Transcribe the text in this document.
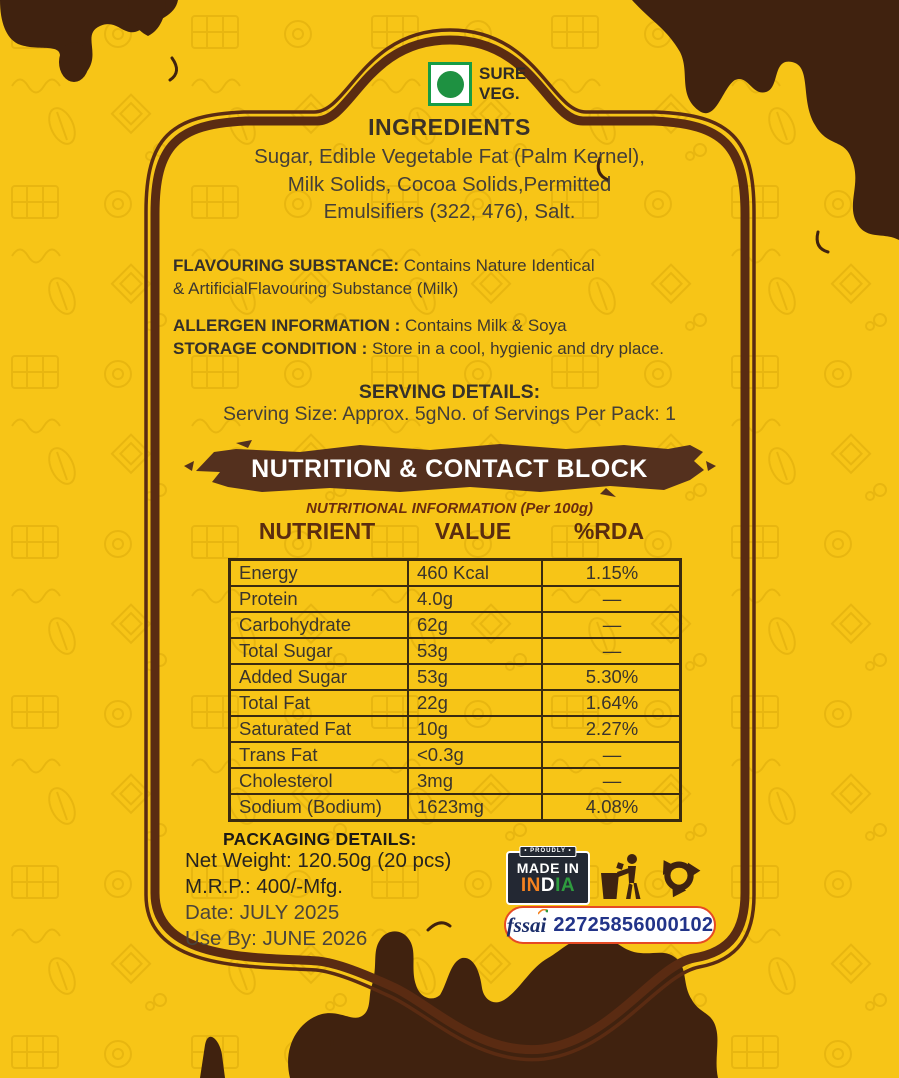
SURE
VEG.
INGREDIENTS
Sugar, Edible Vegetable Fat (Palm Kernel),
Milk Solids, Cocoa Solids,Permitted
Emulsifiers (322, 476), Salt.
FLAVOURING SUBSTANCE: Contains Nature Identical
& ArtificialFlavouring Substance (Milk)
ALLERGEN INFORMATION : Contains Milk & Soya
STORAGE CONDITION : Store in a cool, hygienic and dry place.
SERVING DETAILS:
Serving Size: Approx. 5gNo. of Servings Per Pack: 1
NUTRITION & CONTACT BLOCK
NUTRITIONAL INFORMATION (Per 100g)
NUTRIENT	VALUE	%RDA
Energy	460 Kcal	1.15%
Protein	4.0g	—
Carbohydrate	62g	—
Total Sugar	53g	—
Added Sugar	53g	5.30%
Total Fat	22g	1.64%
Saturated Fat	10g	2.27%
Trans Fat	<0.3g	—
Cholesterol	3mg	—
Sodium (Bodium)	1623mg	4.08%
PACKAGING DETAILS:
Net Weight: 120.50g (20 pcs)
M.R.P.: 400/-Mfg.
Date: JULY 2025
Use By: JUNE 2026
• PROUDLY •
MADE IN
INDIA
fssai 22725856000102
